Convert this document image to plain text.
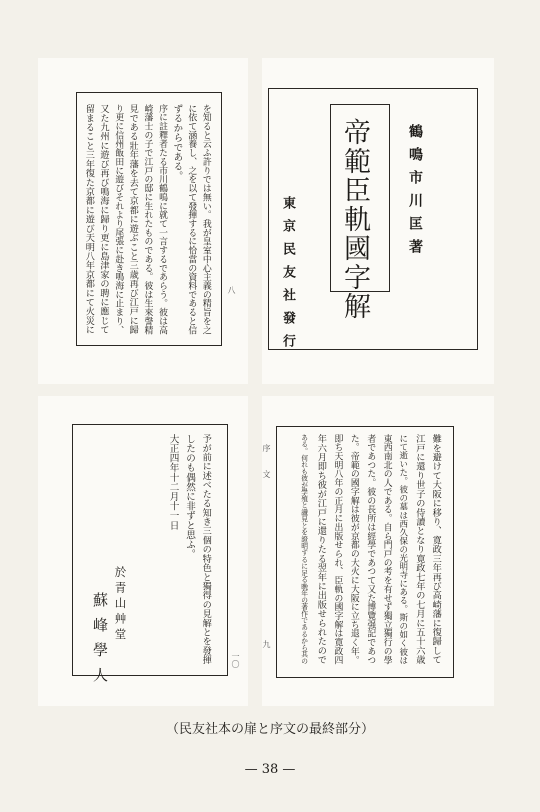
を知ると云ふ許りでは無い。我が皇室中心主義の精旨を之
に依て涵養し、之を以て發揮するに恰當の資料であると信
ずるからである。
序に註釋者たる市川鶴鳴に就て一言するであらう。彼は高
崎藩士の子で江戸の邸に生れたものである。彼は生來謦精
見である壯年藩を去て京都に遊ぶこと三歳再び江戸に歸
り更に信州飯田に遊びそれより尾張に赴き鳴海に止まり、
又た九州に遊び再び鳴海に歸り更に島津家の聘に應じて
留まること三年復た京都に遊び天明八年京都にて火災に	八
鶴鳴市川匡著
帝範臣軌國字解
東京民友社發行
予が前に述べたる知き三個の特色と獨得の見解とを發揮
したのも偶然に非ずと思ふ。
大正四年十二月十一日
於青山艸堂
蘇峰學人	一〇	難を避けて大阪に移り、寛政三年再び高崎藩に復歸して
江戸に還り世子の侍讀となり寛政七年の七月に五十六歳
にて逝いた。彼の墓は西久保の光明寺にある。斯の如く彼は
東西南北の人である。自ら門戸の考を有せず獨立獨行の學
者であつた。彼の長所は經學であつて又た博覽强記であつ
た。帝範の國字解は彼が京都の大火に大阪に立ち退く年。
即ち天明八年の正月に出版せられ、臣軌の國字解は寛政四
年六月即ち彼が江戸に還りたる翌年に出版せられたので
ある。何れも彼が學殖と識見とを證明するに足る晩年の著作であるから其の
序文
九
（民友社本の扉と序文の最終部分）
— 38 —
